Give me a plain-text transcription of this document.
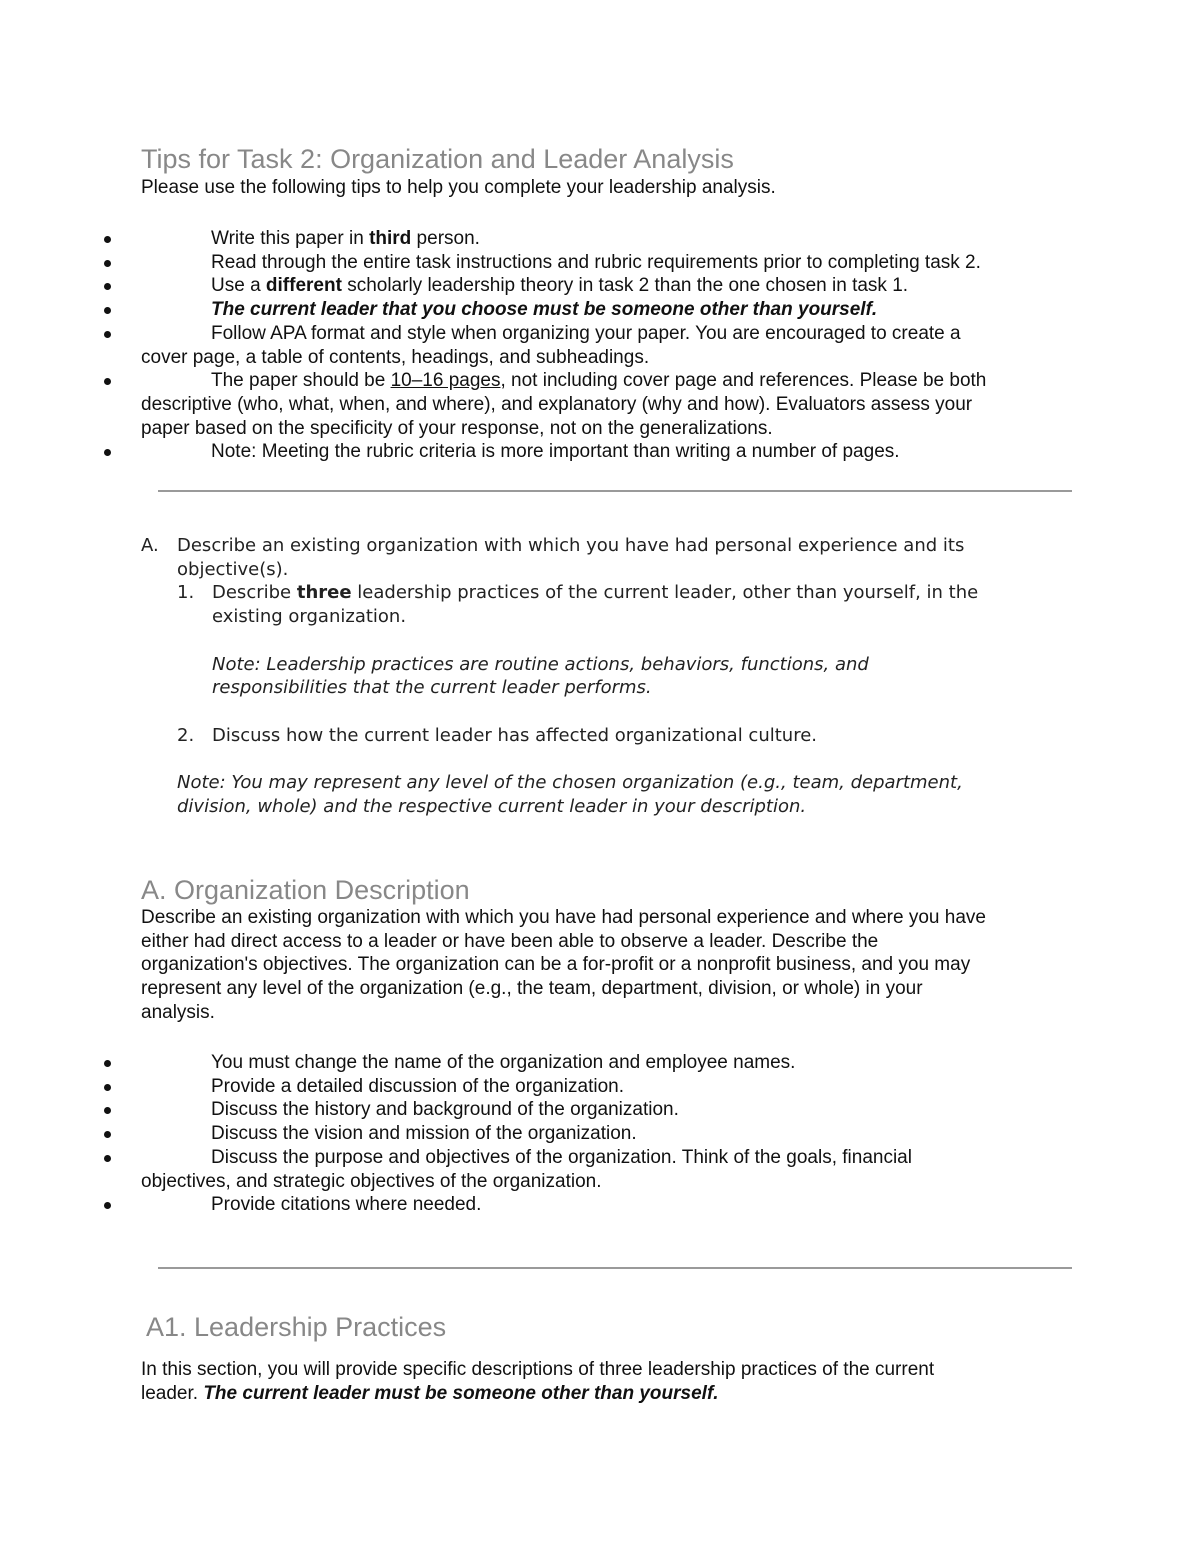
Tips for Task 2: Organization and Leader Analysis

Please use the following tips to help you complete your leadership analysis.

Write this paper in third person.
Read through the entire task instructions and rubric requirements prior to completing task 2.
Use a different scholarly leadership theory in task 2 than the one chosen in task 1.
The current leader that you choose must be someone other than yourself.
Follow APA format and style when organizing your paper. You are encouraged to create a
cover page, a table of contents, headings, and subheadings.
The paper should be 10–16 pages, not including cover page and references. Please be both
descriptive (who, what, when, and where), and explanatory (why and how). Evaluators assess your
paper based on the specificity of your response, not on the generalizations.
Note: Meeting the rubric criteria is more important than writing a number of pages.
A. Describe an existing organization with which you have had personal experience and its
objective(s).
1. Describe three leadership practices of the current leader, other than yourself, in the
existing organization.
Note: Leadership practices are routine actions, behaviors, functions, and
responsibilities that the current leader performs.
2. Discuss how the current leader has affected organizational culture.
Note: You may represent any level of the chosen organization (e.g., team, department,
division, whole) and the respective current leader in your description.
A. Organization Description
Describe an existing organization with which you have had personal experience and where you have
either had direct access to a leader or have been able to observe a leader. Describe the
organization's objectives. The organization can be a for-profit or a nonprofit business, and you may
represent any level of the organization (e.g., the team, department, division, or whole) in your
analysis.
You must change the name of the organization and employee names.
Provide a detailed discussion of the organization.
Discuss the history and background of the organization.
Discuss the vision and mission of the organization.
Discuss the purpose and objectives of the organization. Think of the goals, financial
objectives, and strategic objectives of the organization.
Provide citations where needed.
A1. Leadership Practices
In this section, you will provide specific descriptions of three leadership practices of the current
leader. The current leader must be someone other than yourself.
